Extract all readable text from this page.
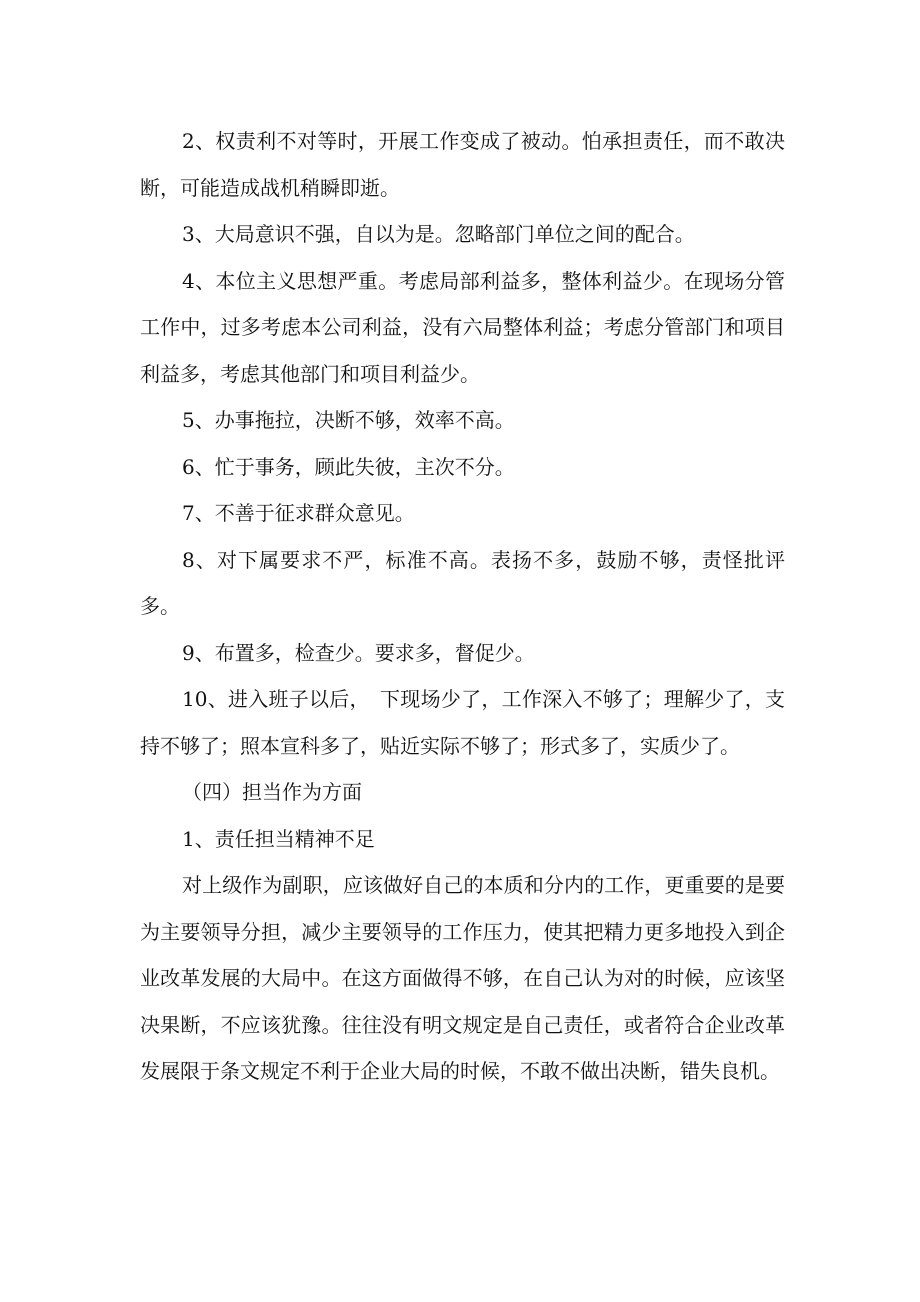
2、权责利不对等时，开展工作变成了被动。怕承担责任，而不敢决断，可能造成战机稍瞬即逝。

3、大局意识不强，自以为是。忽略部门单位之间的配合。

4、本位主义思想严重。考虑局部利益多，整体利益少。在现场分管工作中，过多考虑本公司利益，没有六局整体利益；考虑分管部门和项目利益多，考虑其他部门和项目利益少。

5、办事拖拉，决断不够，效率不高。

6、忙于事务，顾此失彼，主次不分。

7、不善于征求群众意见。

8、对下属要求不严，标准不高。表扬不多，鼓励不够，责怪批评多。

9、布置多，检查少。要求多，督促少。

10、进入班子以后，　下现场少了，工作深入不够了；理解少了，支持不够了；照本宣科多了，贴近实际不够了；形式多了，实质少了。

（四）担当作为方面

1、责任担当精神不足

对上级作为副职，应该做好自己的本质和分内的工作，更重要的是要为主要领导分担，减少主要领导的工作压力，使其把精力更多地投入到企业改革发展的大局中。在这方面做得不够，在自己认为对的时候，应该坚决果断，不应该犹豫。往往没有明文规定是自己责任，或者符合企业改革发展限于条文规定不利于企业大局的时候，不敢不做出决断，错失良机。
